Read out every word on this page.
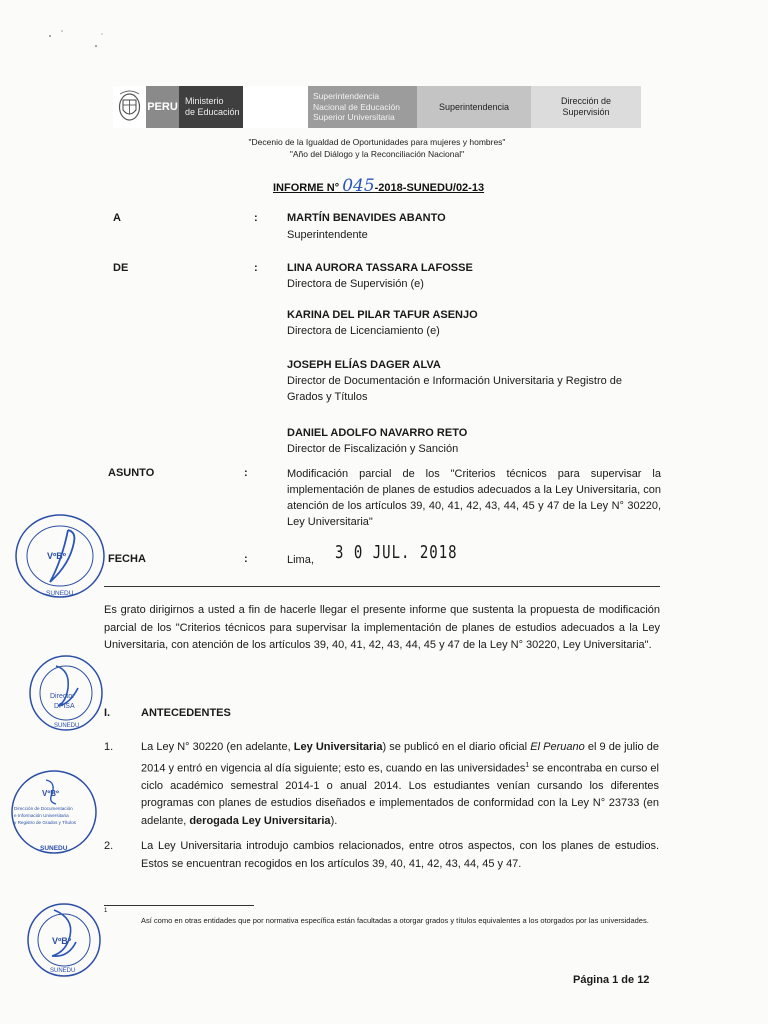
PERU Ministerio
de Educación
Superintendencia
Nacional de Educación
Superior Universitaria
Superintendencia
Dirección de
Supervisión
"Decenio de la Igualdad de Oportunidades para mujeres y hombres"
"Año del Diálogo y la Reconciliación Nacional"
INFORME N° 045-2018-SUNEDU/02-13
A	:	MARTÍN BENAVIDES ABANTO
Superintendente
DE	:	LINA AURORA TASSARA LAFOSSE
Directora de Supervisión (e)
KARINA DEL PILAR TAFUR ASENJO
Directora de Licenciamiento (e)
JOSEPH ELÍAS DAGER ALVA
Director de Documentación e Información Universitaria y Registro de Grados y Títulos
DANIEL ADOLFO NAVARRO RETO
Director de Fiscalización y Sanción
ASUNTO	:	Modificación parcial de los "Criterios técnicos para supervisar la implementación de planes de estudios adecuados a la Ley Universitaria, con atención de los artículos 39, 40, 41, 42, 43, 44, 45 y 47 de la Ley N° 30220, Ley Universitaria"
FECHA	:	Lima, 3 0 JUL. 2018
Es grato dirigirnos a usted a fin de hacerle llegar el presente informe que sustenta la propuesta de modificación parcial de los "Criterios técnicos para supervisar la implementación de planes de estudios adecuados a la Ley Universitaria, con atención de los artículos 39, 40, 41, 42, 43, 44, 45 y 47 de la Ley N° 30220, Ley Universitaria".
I.	ANTECEDENTES
1.	La Ley N° 30220 (en adelante, Ley Universitaria) se publicó en el diario oficial El Peruano el 9 de julio de 2014 y entró en vigencia al día siguiente; esto es, cuando en las universidades$^1$ se encontraba en curso el ciclo académico semestral 2014-1 o anual 2014. Los estudiantes venían cursando los diferentes programas con planes de estudios diseñados e implementados de conformidad con la Ley N° 23733 (en adelante, derogada Ley Universitaria).
2.	La Ley Universitaria introdujo cambios relacionados, entre otros aspectos, con los planes de estudios. Estos se encuentran recogidos en los artículos 39, 40, 41, 42, 43, 44, 45 y 47.
1
Así como en otras entidades que por normativa específica están facultadas a otorgar grados y títulos equivalentes a los otorgados por las universidades.
Página 1 de 12
VºBº
SUNEDU
Director
DFISA
SUNEDU
VºBº
Dirección de Documentación
e Información Universitaria
y Registro de Grados y Títulos
SUNEDU
VºBº
SUNEDU
